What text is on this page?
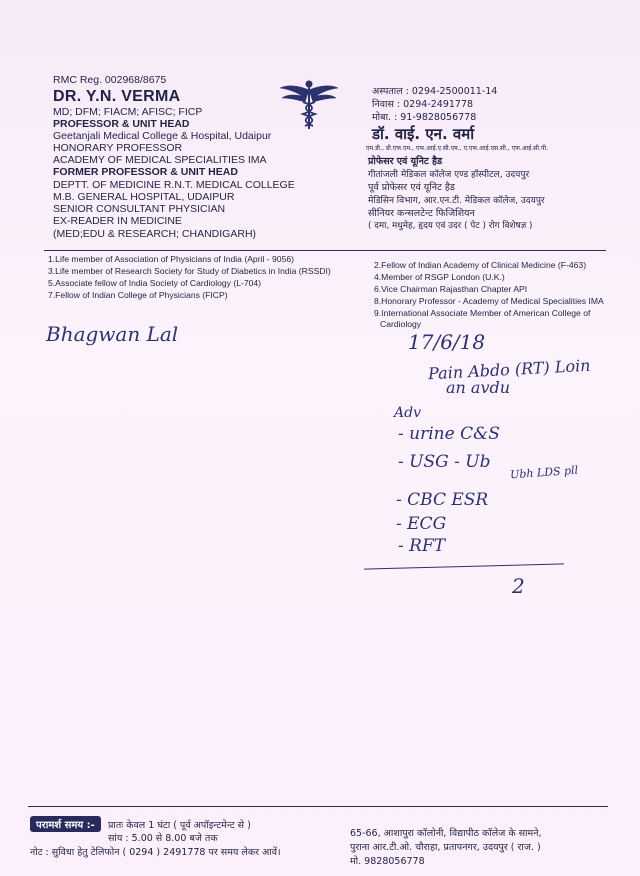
RMC Reg. 002968/8675
DR. Y.N. VERMA
MD; DFM; FIACM; AFISC; FICP
PROFESSOR & UNIT HEAD
Geetanjali Medical College & Hospital, Udaipur
HONORARY PROFESSOR
ACADEMY OF MEDICAL SPECIALITIES IMA
FORMER PROFESSOR & UNIT HEAD
DEPTT. OF MEDICINE R.N.T. MEDICAL COLLEGE
M.B. GENERAL HOSPITAL, UDAIPUR
SENIOR CONSULTANT PHYSICIAN
EX-READER IN MEDICINE
(MED;EDU & RESEARCH; CHANDIGARH)
अस्पताल : 0294-2500011-14
निवास : 0294-2491778
मोबा. : 91-9828056778
डॉ. वाई. एन. वर्मा
एम.डी., डी.एफ.एम., एफ.आई.ए.सी.एम., ए.एफ.आई.एस.सी., एफ.आई.सी.पी.
प्रोफेसर एवं यूनिट हैड
गीतांजली मेडिकल कॉलेज एण्ड हॉस्पीटल, उदयपुर
पूर्व प्रोफेसर एवं यूनिट हैड
मेडिसिन विभाग, आर.एन.टी. मेडिकल कॉलेज, उदयपुर
सीनियर कन्सलटेन्ट फिजिशियन
( दमा, मधुमेह, हृदय एवं उदर ( पेट ) रोग विशेषज्ञ )
1.Life member of Association of Physicians of India (April - 9056)
3.Life member of Research Society for Study of Diabetics in India (RSSDI)
5.Associate fellow of India Society of Cardiology (L-704)
7.Fellow of Indian College of Physicians (FICP)
2.Fellow of Indian Academy of Clinical Medicine (F-463)
4.Member of RSGP London (U.K.)
6.Vice Chairman Rajasthan Chapter API
8.Honorary Professor - Academy of Medical Specialities IMA
9.International Associate Member of American College of
Cardiology
Bhagwan Lal	17/6/18
Pain Abdo (RT) Loin
an avdu
Adv
- urine C&S
- USG - Ub
Ubh LDS pll
- CBC ESR
- ECG
- RFT
2
परामर्श समय :-	प्रातः केवल 1 घंटा ( पूर्व अपॉइन्टमेन्ट से )
सांय : 5.00 से 8.00 बजे तक
नोट : सुविधा हेतु टेलिफोन ( 0294 ) 2491778 पर समय लेकर आवें।
65-66, आशापुरा कॉलोनी, विद्यापीठ कॉलेज के सामने,
पुराना आर.टी.ओ. चौराहा, प्रतापनगर, उदयपुर ( राज. )
मो. 9828056778
